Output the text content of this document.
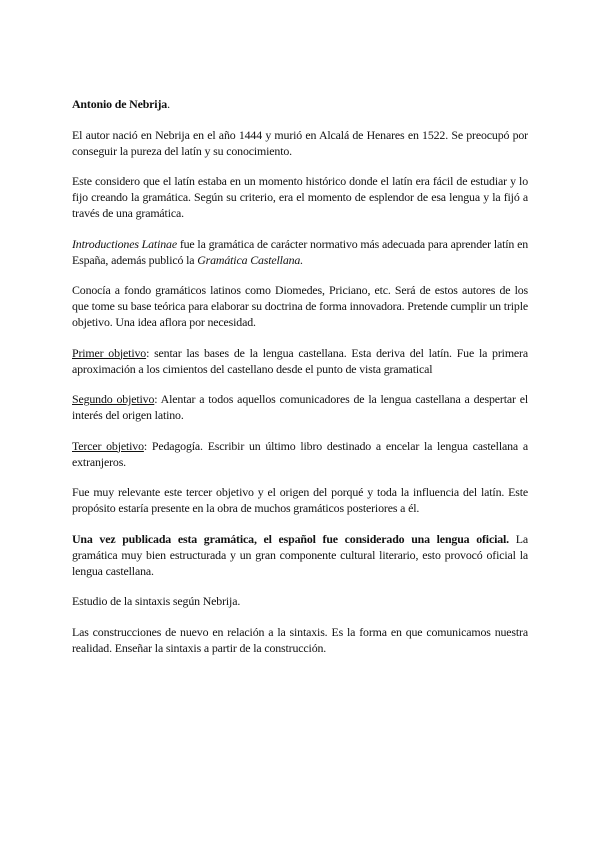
Antonio de Nebrija.

El autor nació en Nebrija en el año 1444 y murió en Alcalá de Henares en 1522. Se preocupó por conseguir la pureza del latín y su conocimiento.

Este considero que el latín estaba en un momento histórico donde el latín era fácil de estudiar y lo fijo creando la gramática. Según su criterio, era el momento de esplendor de esa lengua y la fijó a través de una gramática.

Introductiones Latinae fue la gramática de carácter normativo más adecuada para aprender latín en España, además publicó la Gramática Castellana.

Conocía a fondo gramáticos latinos como Diomedes, Priciano, etc. Será de estos autores de los que tome su base teórica para elaborar su doctrina de forma innovadora. Pretende cumplir un triple objetivo. Una idea aflora por necesidad.

Primer objetivo: sentar las bases de la lengua castellana. Esta deriva del latín. Fue la primera aproximación a los cimientos del castellano desde el punto de vista gramatical

Segundo objetivo: Alentar a todos aquellos comunicadores de la lengua castellana a despertar el interés del origen latino.

Tercer objetivo: Pedagogía. Escribir un último libro destinado a encelar la lengua castellana a extranjeros.

Fue muy relevante este tercer objetivo y el origen del porqué y toda la influencia del latín. Este propósito estaría presente en la obra de muchos gramáticos posteriores a él.

Una vez publicada esta gramática, el español fue considerado una lengua oficial. La gramática muy bien estructurada y un gran componente cultural literario, esto provocó oficial la lengua castellana.

Estudio de la sintaxis según Nebrija.

Las construcciones de nuevo en relación a la sintaxis. Es la forma en que comunicamos nuestra realidad. Enseñar la sintaxis a partir de la construcción.
